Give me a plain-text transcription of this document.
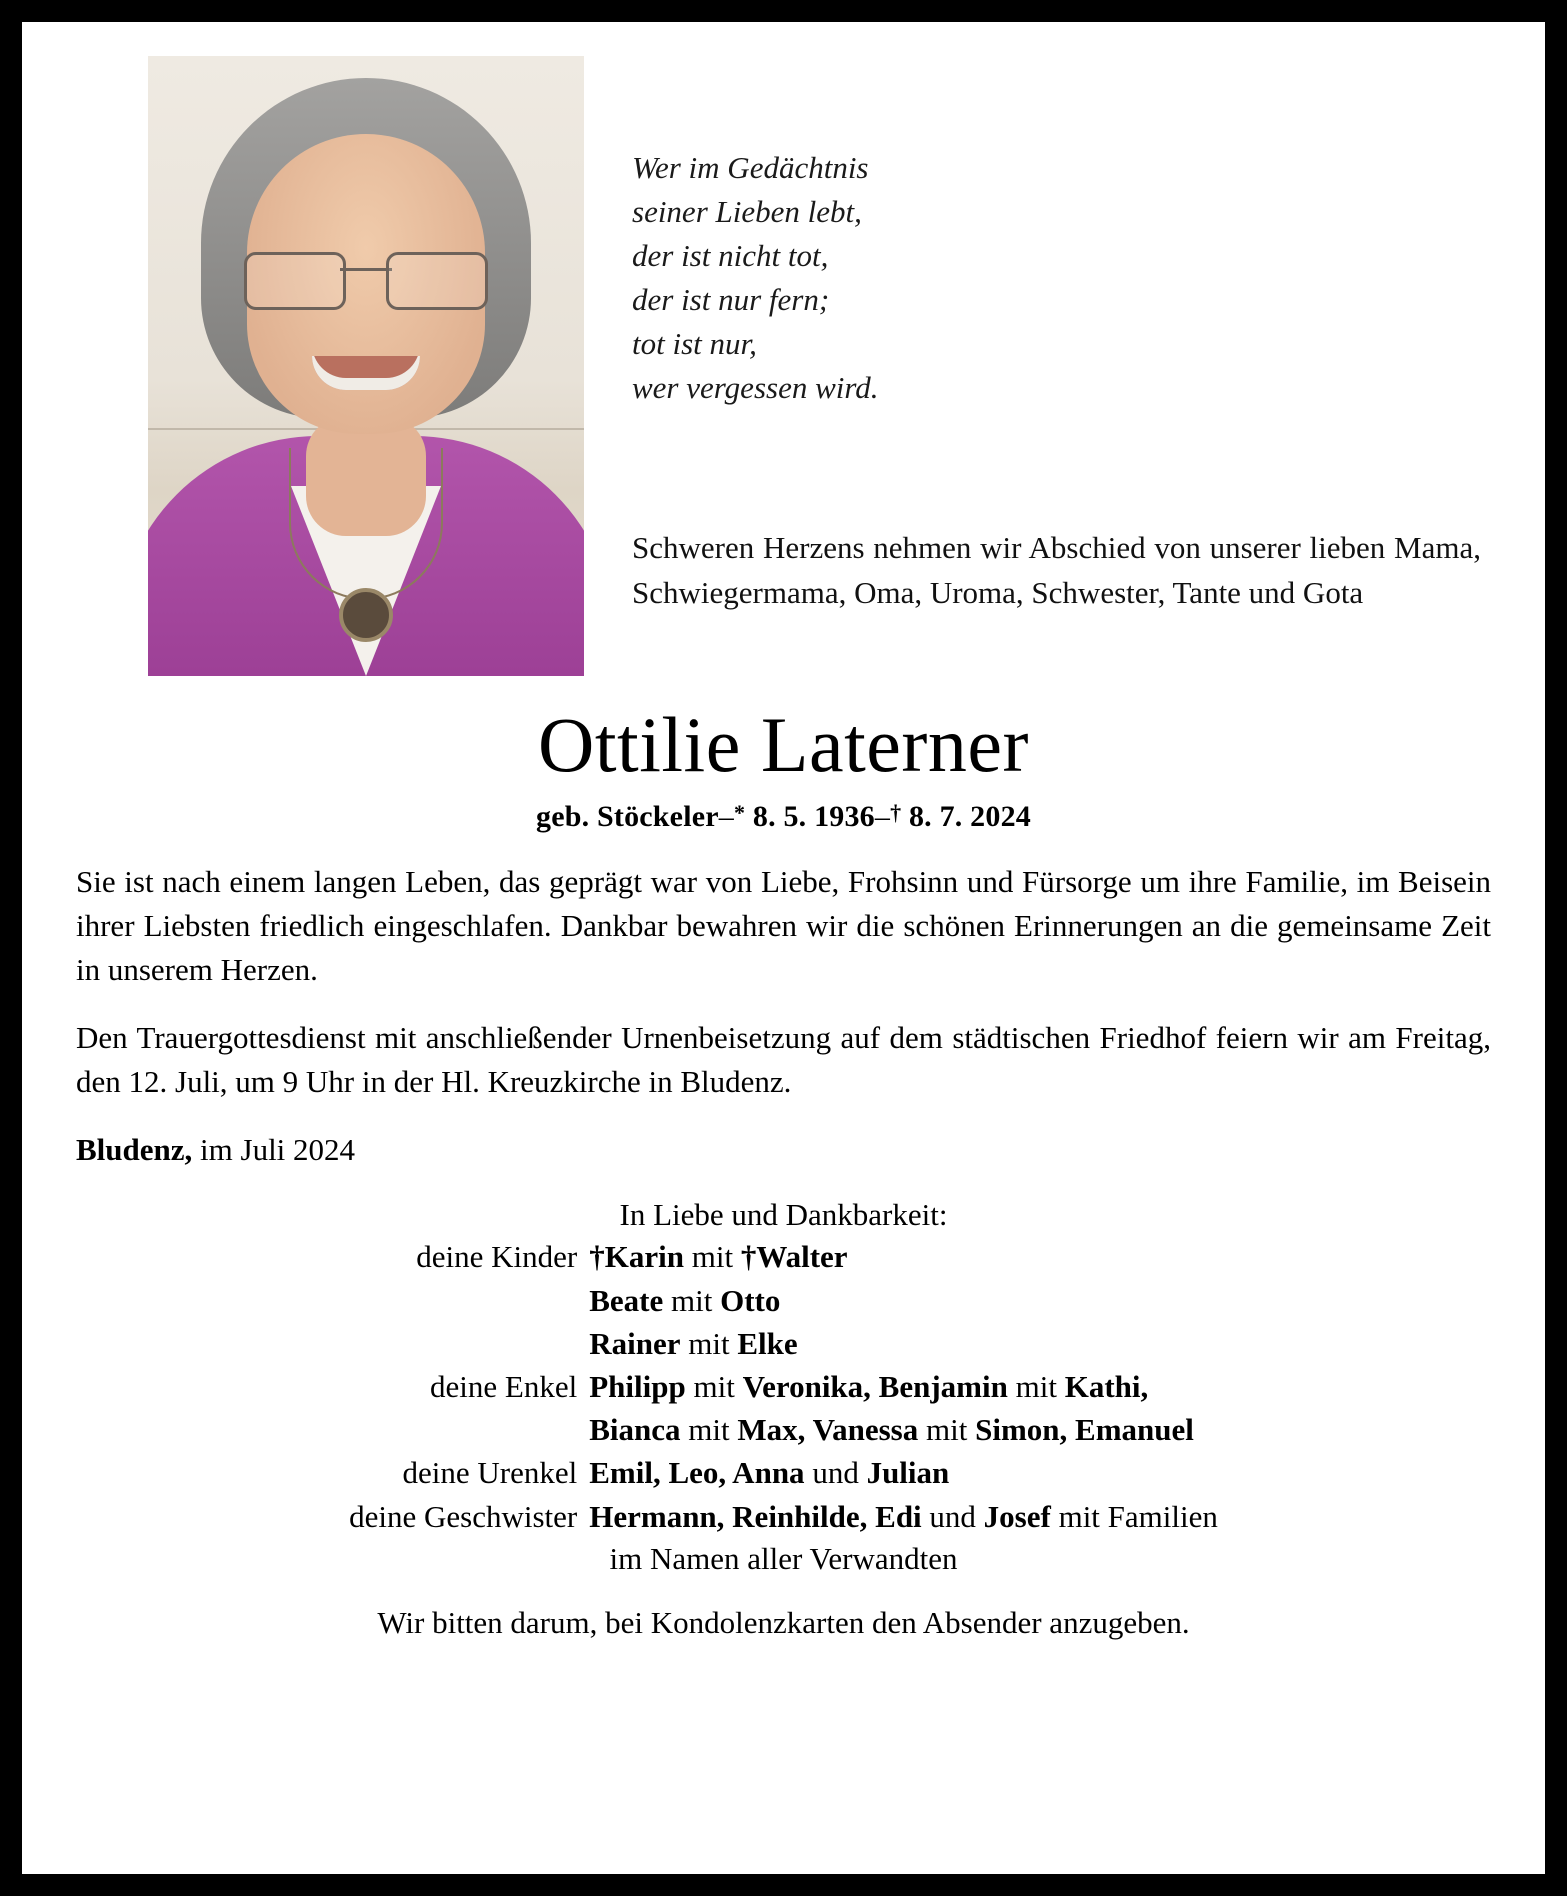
Wer im Gedächtnis
seiner Lieben lebt,
der ist nicht tot,
der ist nur fern;
tot ist nur,
wer vergessen wird.
Schweren Herzens nehmen wir Abschied von unserer lieben Mama, Schwiegermama, Oma, Uroma, Schwester, Tante und Gota
Ottilie Laterner
geb. Stöckeler–* 8. 5. 1936–† 8. 7. 2024

Sie ist nach einem langen Leben, das geprägt war von Liebe, Frohsinn und Fürsorge um ihre Familie, im Beisein ihrer Liebsten friedlich eingeschlafen. Dankbar bewahren wir die schönen Erinnerungen an die gemeinsame Zeit in unserem Herzen.

Den Trauergottesdienst mit anschließender Urnenbeisetzung auf dem städtischen Friedhof feiern wir am Freitag, den 12. Juli, um 9 Uhr in der Hl. Kreuzkirche in Bludenz.

Bludenz, im Juli 2024
In Liebe und Dankbarkeit:
deine Kinder	†Karin mit †Walter
	Beate mit Otto
	Rainer mit Elke
deine Enkel	Philipp mit Veronika, Benjamin mit Kathi,
	Bianca mit Max, Vanessa mit Simon, Emanuel
deine Urenkel	Emil, Leo, Anna und Julian
deine Geschwister	Hermann, Reinhilde, Edi und Josef mit Familien
im Namen aller Verwandten
Wir bitten darum, bei Kondolenzkarten den Absender anzugeben.
